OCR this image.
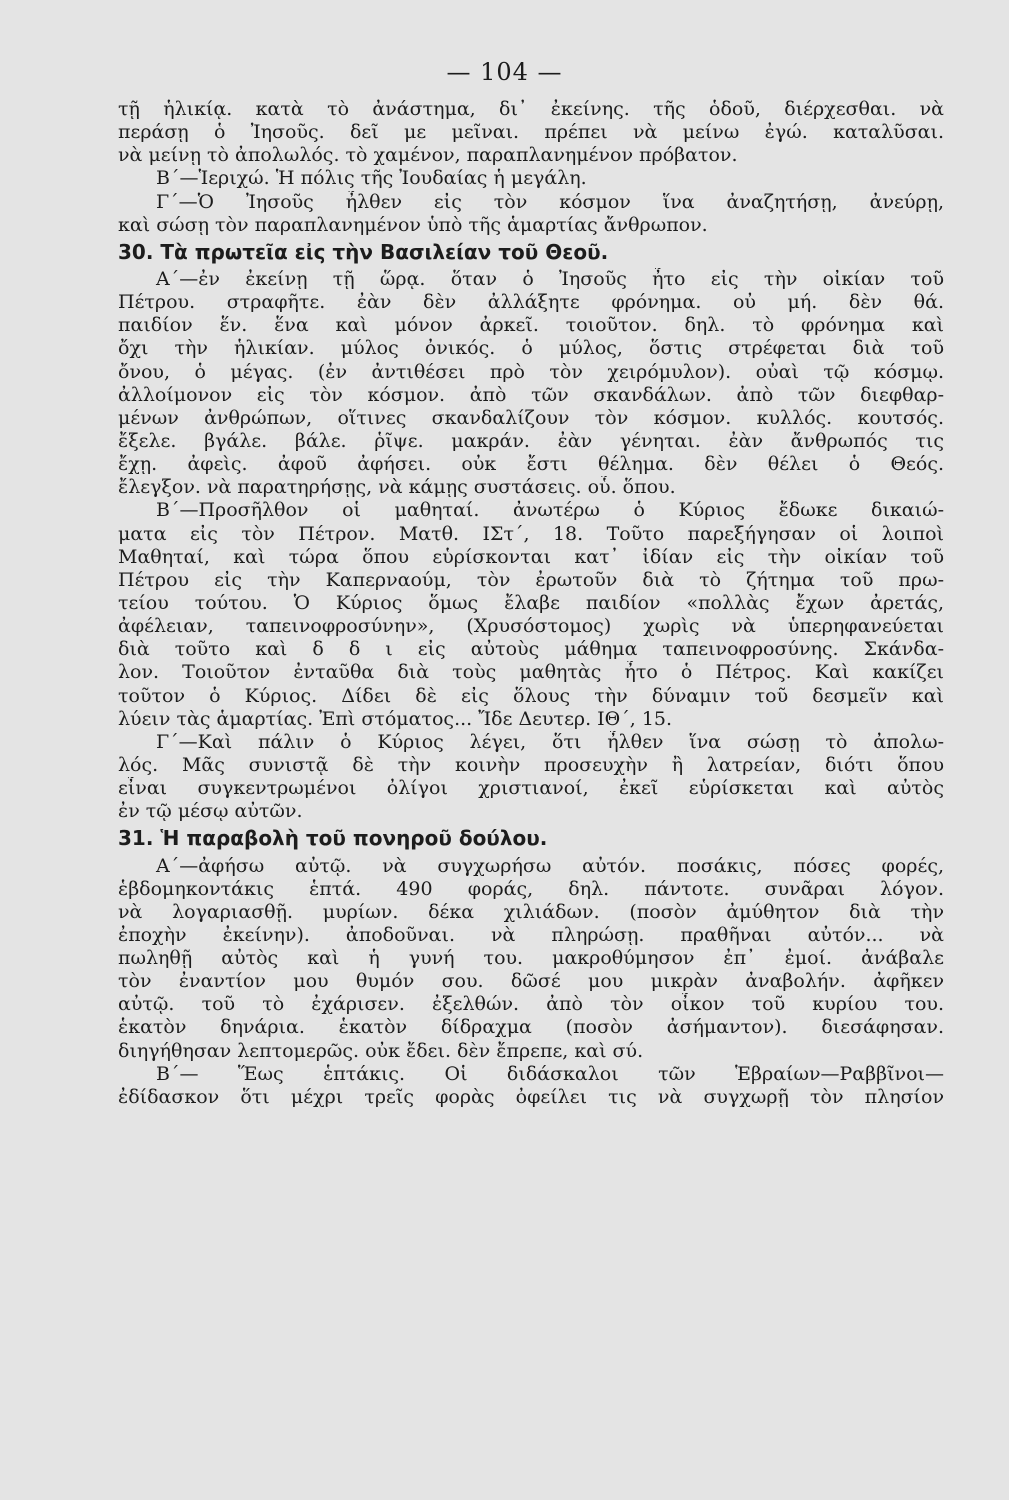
— 104 —
τῇ ἡλικίᾳ. κατὰ τὸ ἀνάστημα, δι᾽ ἐκείνης. τῆς ὁδοῦ, διέρχεσθαι. νὰ
περάσῃ ὁ Ἰησοῦς. δεῖ με μεῖναι. πρέπει νὰ μείνω ἐγώ. καταλῦσαι.
νὰ μείνῃ τὸ ἀπολωλός. τὸ χαμένον, παραπλανημένον πρόβατον.
Β΄—Ἱεριχώ. Ἡ πόλις τῆς Ἰουδαίας ἡ μεγάλη.
Γ΄—Ὁ Ἰησοῦς ἦλθεν εἰς τὸν κόσμον ἵνα ἀναζητήσῃ, ἀνεύρῃ,
καὶ σώσῃ τὸν παραπλανημένον ὑπὸ τῆς ἁμαρτίας ἄνθρωπον.
30. Τὰ πρωτεῖα εἰς τὴν Βασιλείαν τοῦ Θεοῦ.
Α΄—ἐν ἐκείνῃ τῇ ὥρᾳ. ὅταν ὁ Ἰησοῦς ἦτο εἰς τὴν οἰκίαν τοῦ
Πέτρου. στραφῆτε. ἐὰν δὲν ἀλλάξητε φρόνημα. οὐ μή. δὲν θά.
παιδίον ἕν. ἕνα καὶ μόνον ἀρκεῖ. τοιοῦτον. δηλ. τὸ φρόνημα καὶ
ὄχι τὴν ἡλικίαν. μύλος ὀνικός. ὁ μύλος, ὅστις στρέφεται διὰ τοῦ
ὄνου, ὁ μέγας. (ἐν ἀντιθέσει πρὸ τὸν χειρόμυλον). οὐαὶ τῷ κόσμῳ.
ἀλλοίμονον εἰς τὸν κόσμον. ἀπὸ τῶν σκανδάλων. ἀπὸ τῶν διεφθαρ-
μένων ἀνθρώπων, οἵτινες σκανδαλίζουν τὸν κόσμον. κυλλός. κουτσός.
ἔξελε. βγάλε. βάλε. ῥῖψε. μακράν. ἐὰν γένηται. ἐὰν ἄνθρωπός τις
ἔχῃ. ἀφεὶς. ἀφοῦ ἀφήσει. οὐκ ἔστι θέλημα. δὲν θέλει ὁ Θεός.
ἔλεγξον. νὰ παρατηρήσῃς, νὰ κάμῃς συστάσεις. οὗ. ὅπου.
Β΄—Προσῆλθον οἱ μαθηταί. ἀνωτέρω ὁ Κύριος ἔδωκε δικαιώ-
ματα εἰς τὸν Πέτρον. Ματθ. ΙΣτ΄, 18. Τοῦτο παρεξήγησαν οἱ λοιποὶ
Μαθηταί, καὶ τώρα ὅπου εὑρίσκονται κατ᾽ ἰδίαν εἰς τὴν οἰκίαν τοῦ
Πέτρου εἰς τὴν Καπερναούμ, τὸν ἐρωτοῦν διὰ τὸ ζήτημα τοῦ πρω-
τείου τούτου. Ὁ Κύριος ὅμως ἔλαβε παιδίον «πολλὰς ἔχων ἀρετάς,
ἀφέλειαν, ταπεινοφροσύνην», (Χρυσόστομος) χωρὶς νὰ ὑπερηφανεύεται
διὰ τοῦτο καὶ δ δ ι εἰς αὐτοὺς μάθημα ταπεινοφροσύνης. Σκάνδα-
λον. Τοιοῦτον ἐνταῦθα διὰ τοὺς μαθητὰς ἦτο ὁ Πέτρος. Καὶ κακίζει
τοῦτον ὁ Κύριος. Δίδει δὲ εἰς ὅλους τὴν δύναμιν τοῦ δεσμεῖν καὶ
λύειν τὰς ἁμαρτίας. Ἐπὶ στόματος... Ἴδε Δευτερ. ΙΘ΄, 15.
Γ΄—Καὶ πάλιν ὁ Κύριος λέγει, ὅτι ἦλθεν ἵνα σώσῃ τὸ ἀπολω-
λός. Μᾶς συνιστᾷ δὲ τὴν κοινὴν προσευχὴν ἢ λατρείαν, διότι ὅπου
εἶναι συγκεντρωμένοι ὀλίγοι χριστιανοί, ἐκεῖ εὑρίσκεται καὶ αὐτὸς
ἐν τῷ μέσῳ αὐτῶν.
31. Ἡ παραβολὴ τοῦ πονηροῦ δούλου.
Α΄—ἀφήσω αὐτῷ. νὰ συγχωρήσω αὐτόν. ποσάκις, πόσες φορές,
ἑβδομηκοντάκις ἑπτά. 490 φοράς, δηλ. πάντοτε. συνᾶραι λόγον.
νὰ λογαριασθῇ. μυρίων. δέκα χιλιάδων. (ποσὸν ἀμύθητον διὰ τὴν
ἐποχὴν ἐκείνην). ἀποδοῦναι. νὰ πληρώσῃ. πραθῆναι αὐτόν... νὰ
πωληθῇ αὐτὸς καὶ ἡ γυνή του. μακροθύμησον ἐπ᾽ ἐμοί. ἀνάβαλε
τὸν ἐναντίον μου θυμόν σου. δῶσέ μου μικρὰν ἀναβολήν. ἀφῆκεν
αὐτῷ. τοῦ τὸ ἐχάρισεν. ἐξελθών. ἀπὸ τὸν οἶκον τοῦ κυρίου του.
ἑκατὸν δηνάρια. ἑκατὸν δίδραχμα (ποσὸν ἀσήμαντον). διεσάφησαν.
διηγήθησαν λεπτομερῶς. οὐκ ἔδει. δὲν ἔπρεπε, καὶ σύ.
Β΄— Ἕως ἑπτάκις. Οἱ διδάσκαλοι τῶν Ἑβραίων—Ραββῖνοι—
ἐδίδασκον ὅτι μέχρι τρεῖς φορὰς ὀφείλει τις νὰ συγχωρῇ τὸν πλησίον
